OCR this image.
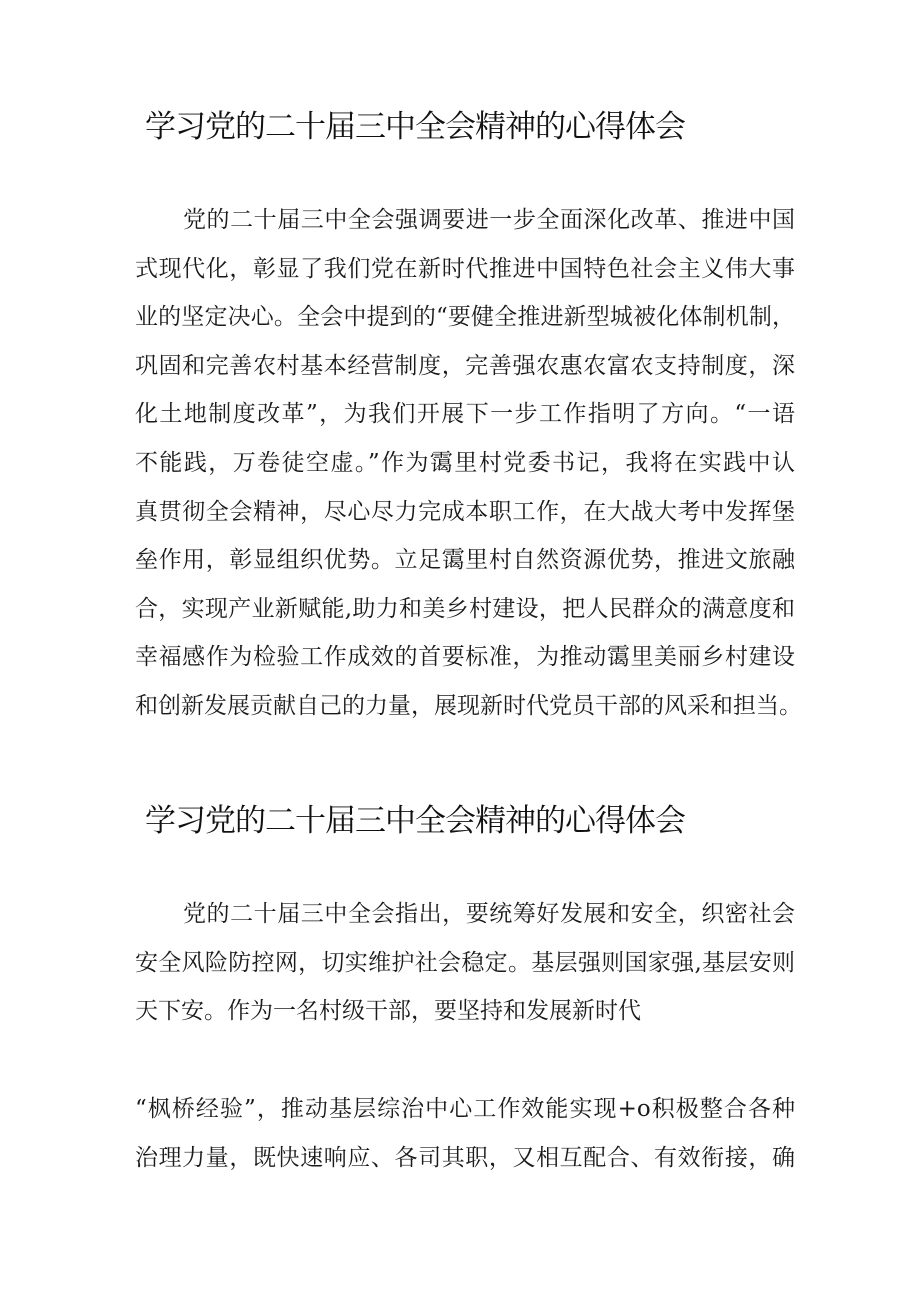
学习党的二十届三中全会精神的心得体会
党的二十届三中全会强调要进一步全面深化改革、推进中国
式现代化，彰显了我们党在新时代推进中国特色社会主义伟大事
业的坚定决心。全会中提到的“要健全推进新型城被化体制机制，
巩固和完善农村基本经营制度，完善强农惠农富农支持制度，深
化土地制度改革”，为我们开展下一步工作指明了方向。“一语
不能践，万卷徒空虚。”作为霭里村党委书记，我将在实践中认
真贯彻全会精神，尽心尽力完成本职工作，在大战大考中发挥堡
垒作用，彰显组织优势。立足霭里村自然资源优势，推进文旅融
合，实现产业新赋能,助力和美乡村建设，把人民群众的满意度和
幸福感作为检验工作成效的首要标准，为推动霭里美丽乡村建设
和创新发展贡献自己的力量，展现新时代党员干部的风采和担当。
学习党的二十届三中全会精神的心得体会
党的二十届三中全会指出，要统筹好发展和安全，织密社会
安全风险防控网，切实维护社会稳定。基层强则国家强,基层安则
天下安。作为一名村级干部，要坚持和发展新时代
“枫桥经验”，推动基层综治中心工作效能实现+o积极整合各种
治理力量，既快速响应、各司其职，又相互配合、有效衔接，确
